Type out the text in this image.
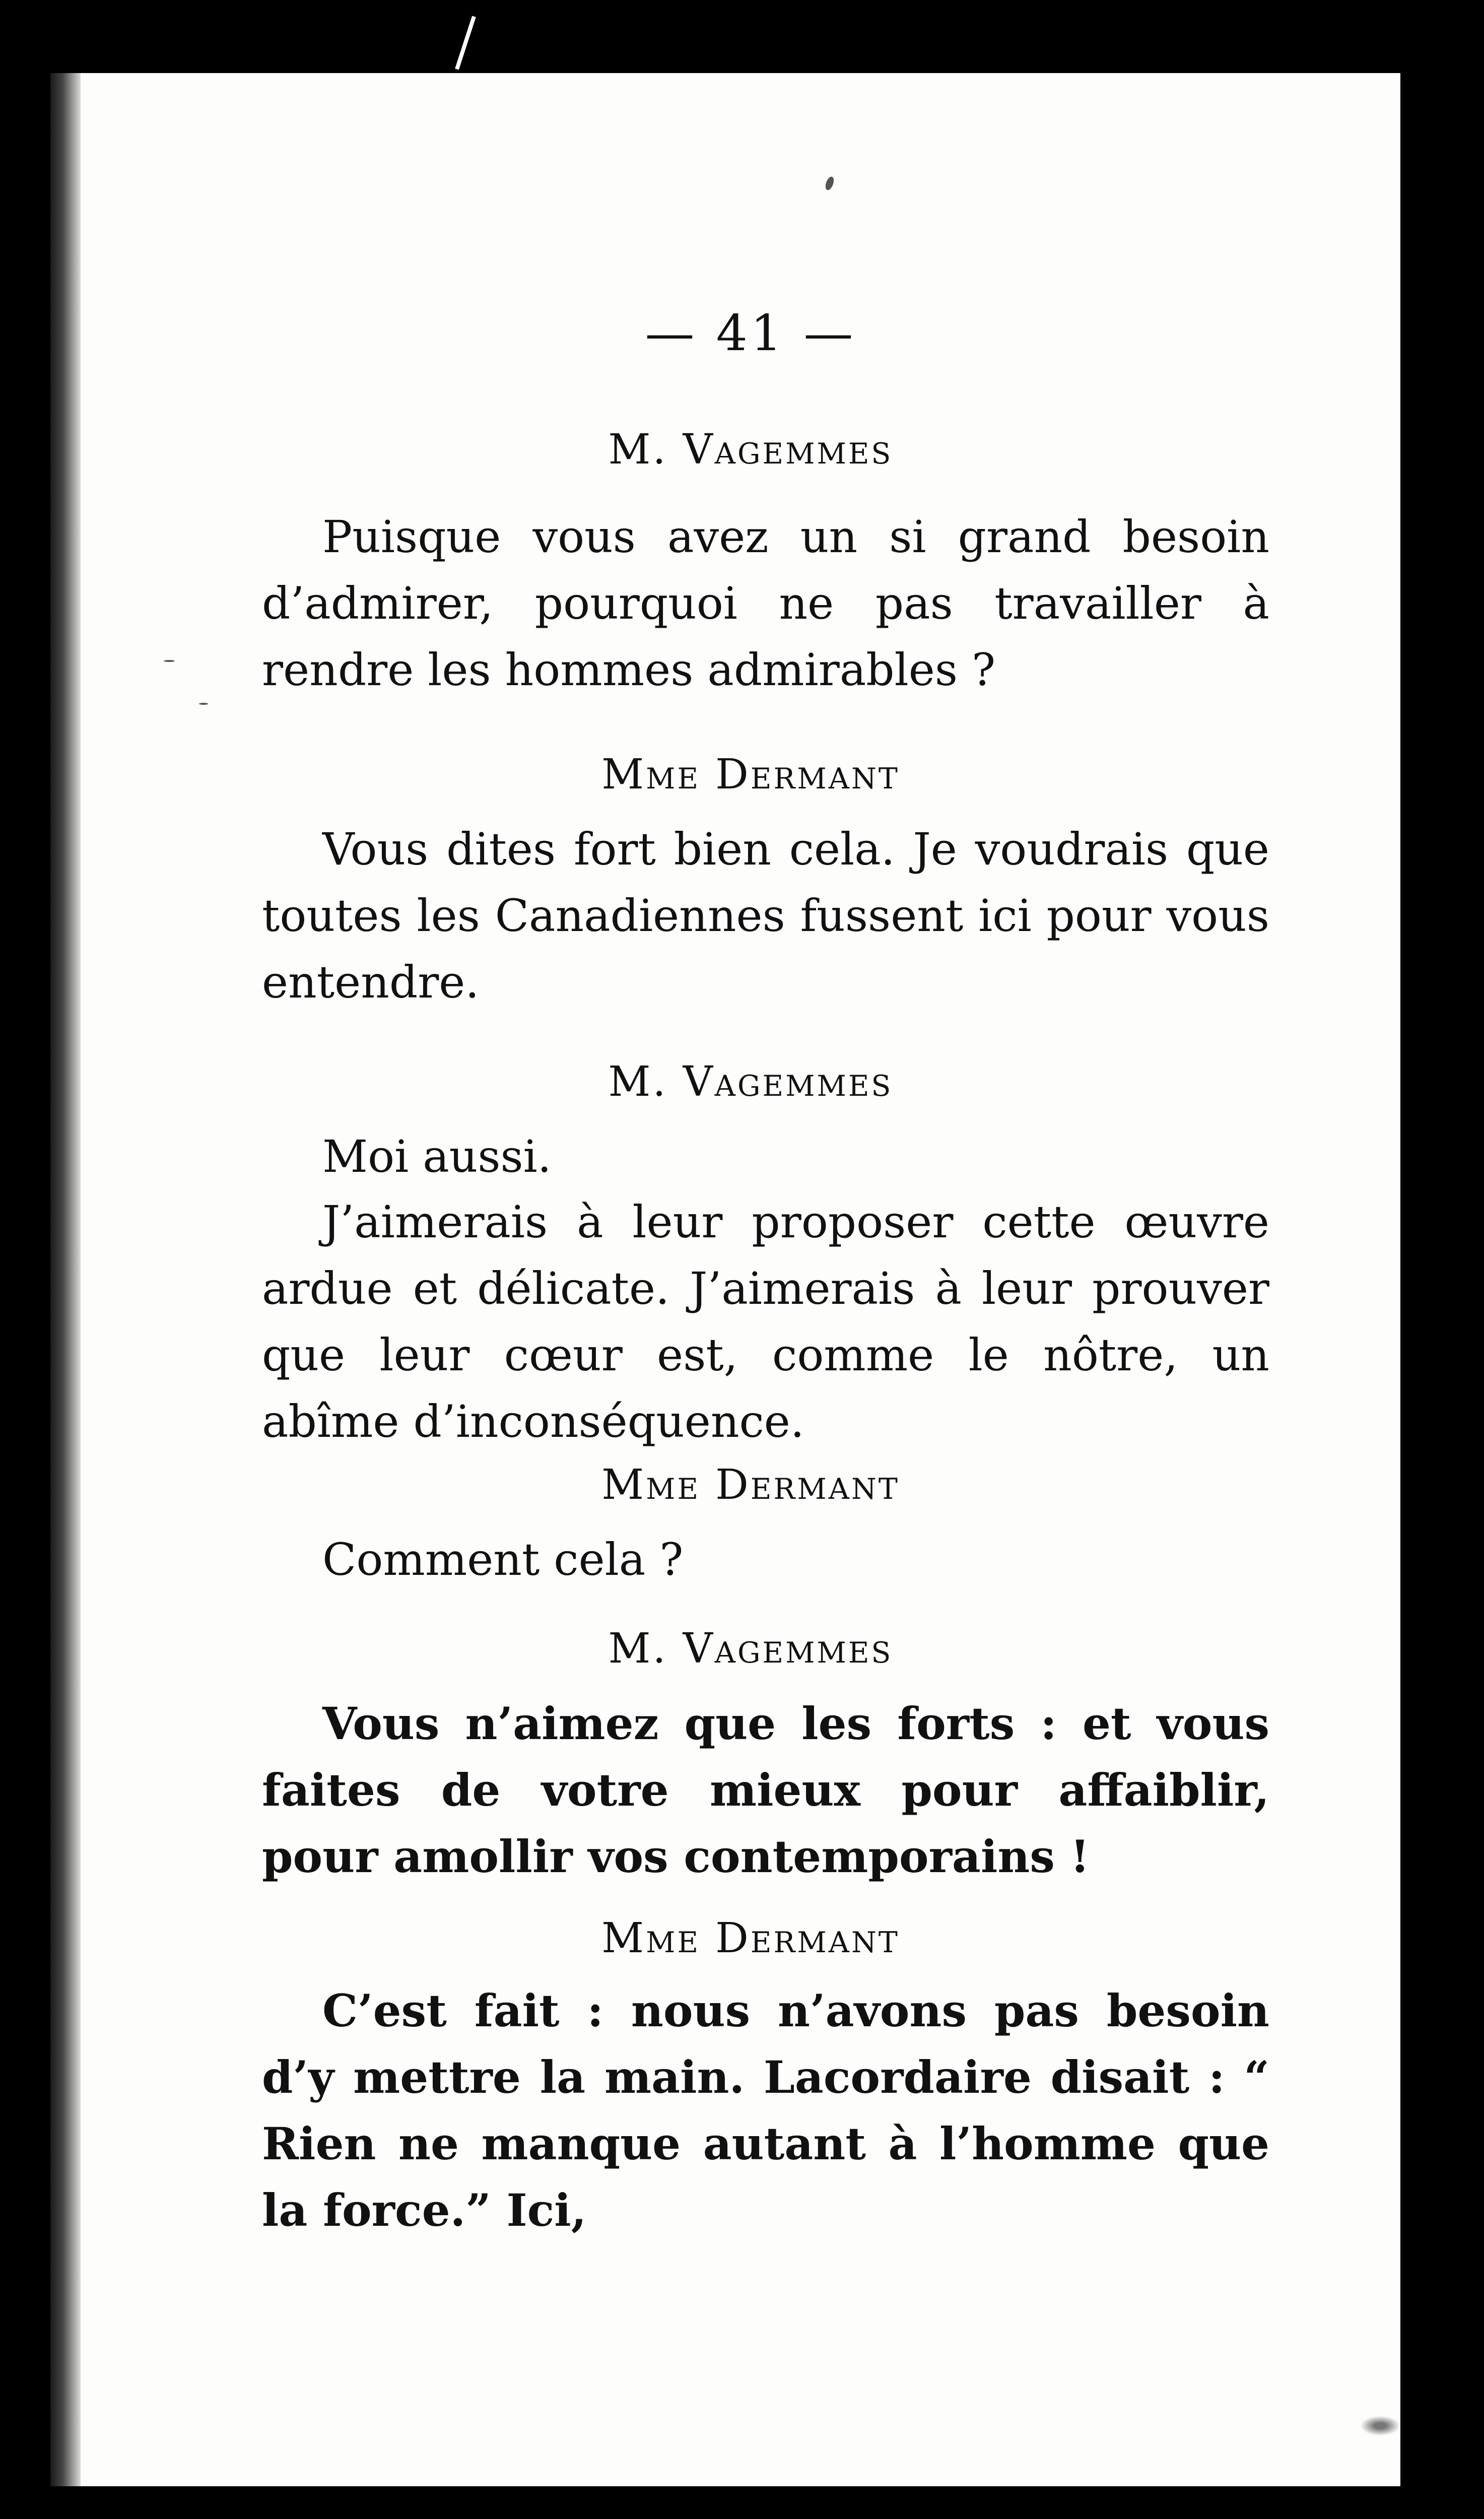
— 41 —
M. Vagemmes

Puisque vous avez un si grand besoin d’admirer, pourquoi ne pas travailler à rendre les hommes admirables ?

Mme Dermant

Vous dites fort bien cela. Je voudrais que toutes les Canadiennes fussent ici pour vous entendre.

M. Vagemmes

Moi aussi.

J’aimerais à leur proposer cette œuvre ardue et délicate. J’aimerais à leur prouver que leur cœur est, comme le nôtre, un abîme d’inconséquence.

Mme Dermant

Comment cela ?

M. Vagemmes

Vous n’aimez que les forts : et vous faites de votre mieux pour affaiblir, pour amollir vos contemporains !

Mme Dermant

C’est fait : nous n’avons pas besoin d’y mettre la main. Lacordaire disait : “ Rien ne manque autant à l’homme que la force.” Ici,
